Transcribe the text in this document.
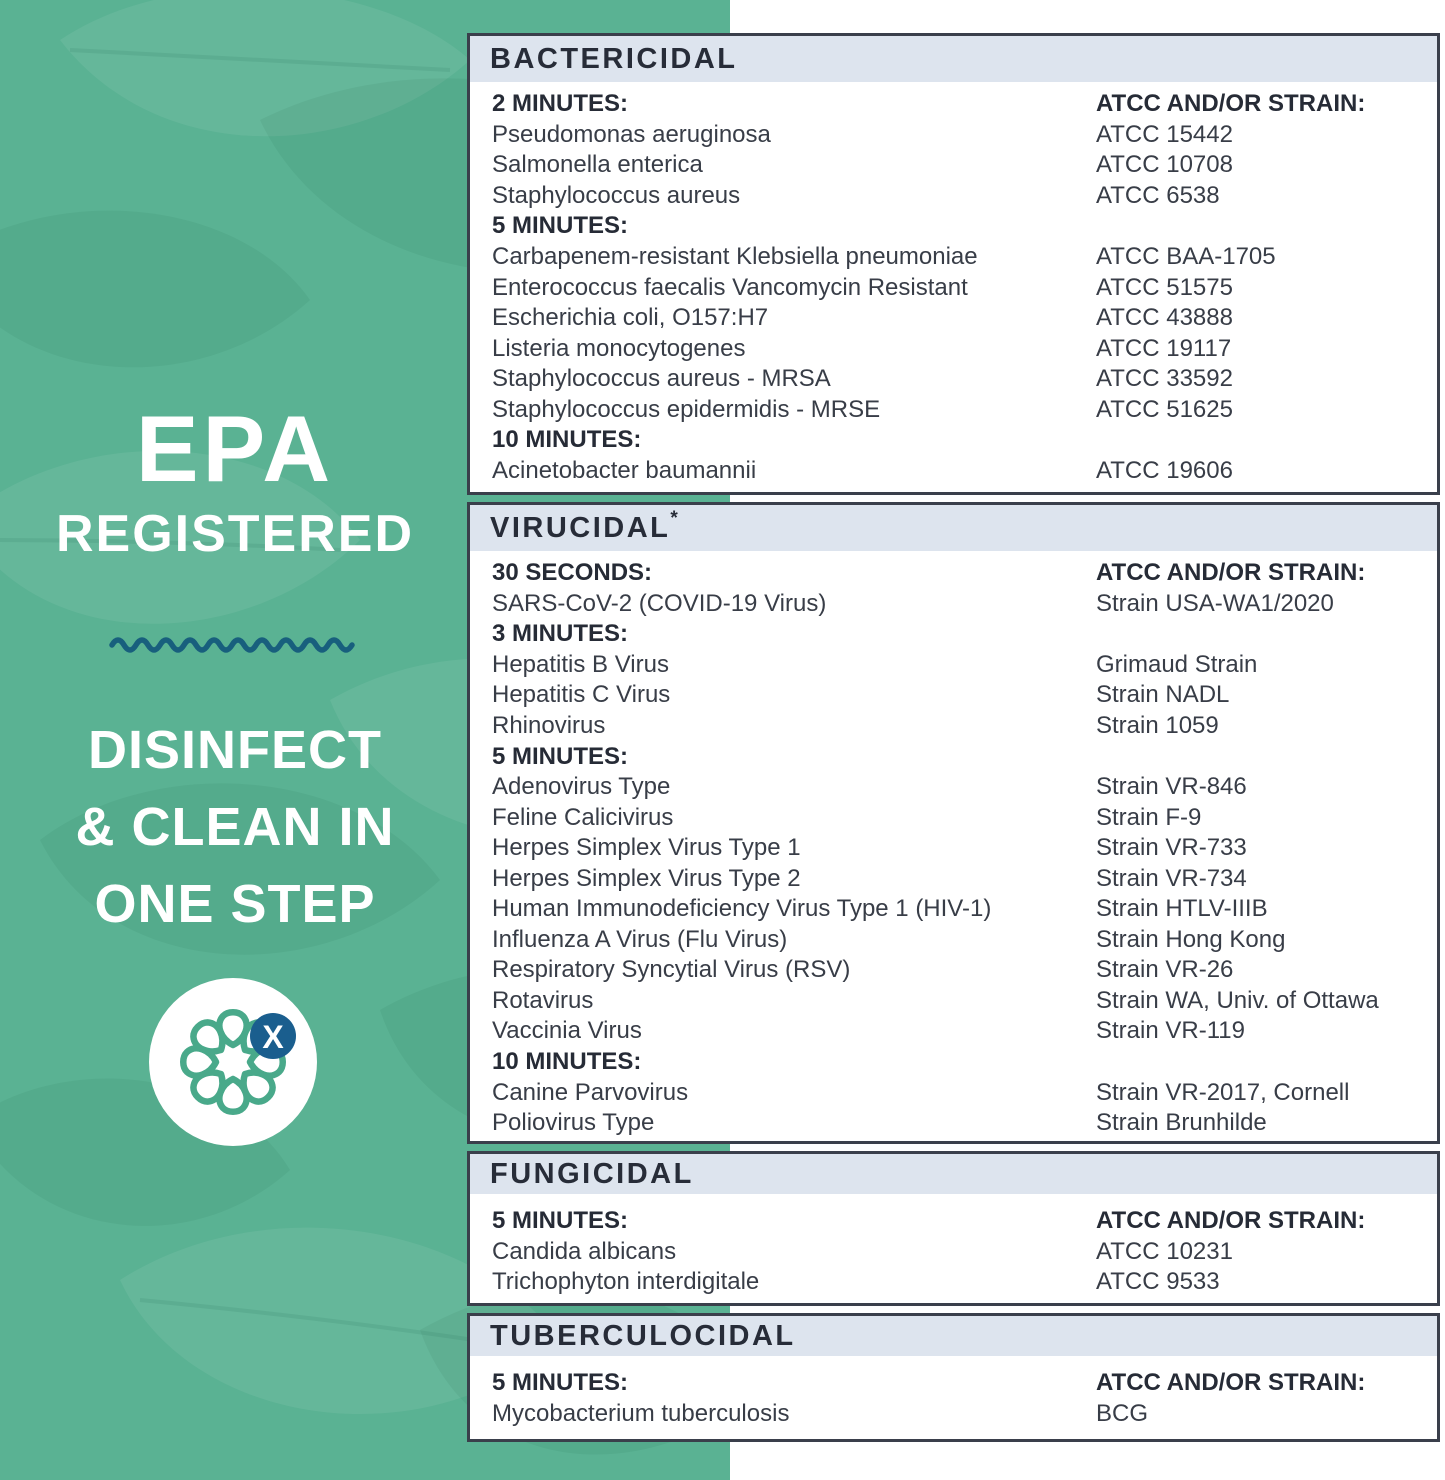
EPA
REGISTERED
DISINFECT
& CLEAN IN
ONE STEP
X
BACTERICIDAL
2 MINUTES:	ATCC AND/OR STRAIN:
Pseudomonas aeruginosa	ATCC 15442
Salmonella enterica	ATCC 10708
Staphylococcus aureus	ATCC 6538
5 MINUTES:
Carbapenem-resistant Klebsiella pneumoniae	ATCC BAA-1705
Enterococcus faecalis Vancomycin Resistant	ATCC 51575
Escherichia coli, O157:H7	ATCC 43888
Listeria monocytogenes	ATCC 19117
Staphylococcus aureus - MRSA	ATCC 33592
Staphylococcus epidermidis - MRSE	ATCC 51625
10 MINUTES:
Acinetobacter baumannii	ATCC 19606
VIRUCIDAL *
30 SECONDS:	ATCC AND/OR STRAIN:
SARS-CoV-2 (COVID-19 Virus)	Strain USA-WA1/2020
3 MINUTES:
Hepatitis B Virus	Grimaud Strain
Hepatitis C Virus	Strain NADL
Rhinovirus	Strain 1059
5 MINUTES:
Adenovirus Type	Strain VR-846
Feline Calicivirus	Strain F-9
Herpes Simplex Virus Type 1	Strain VR-733
Herpes Simplex Virus Type 2	Strain VR-734
Human Immunodeficiency Virus Type 1 (HIV-1)	Strain HTLV-IIIB
Influenza A Virus (Flu Virus)	Strain Hong Kong
Respiratory Syncytial Virus (RSV)	Strain VR-26
Rotavirus	Strain WA, Univ. of Ottawa
Vaccinia Virus	Strain VR-119
10 MINUTES:
Canine Parvovirus	Strain VR-2017, Cornell
Poliovirus Type	Strain Brunhilde
FUNGICIDAL
5 MINUTES:	ATCC AND/OR STRAIN:
Candida albicans	ATCC 10231
Trichophyton interdigitale	ATCC 9533
TUBERCULOCIDAL
5 MINUTES:	ATCC AND/OR STRAIN:
Mycobacterium tuberculosis	BCG
